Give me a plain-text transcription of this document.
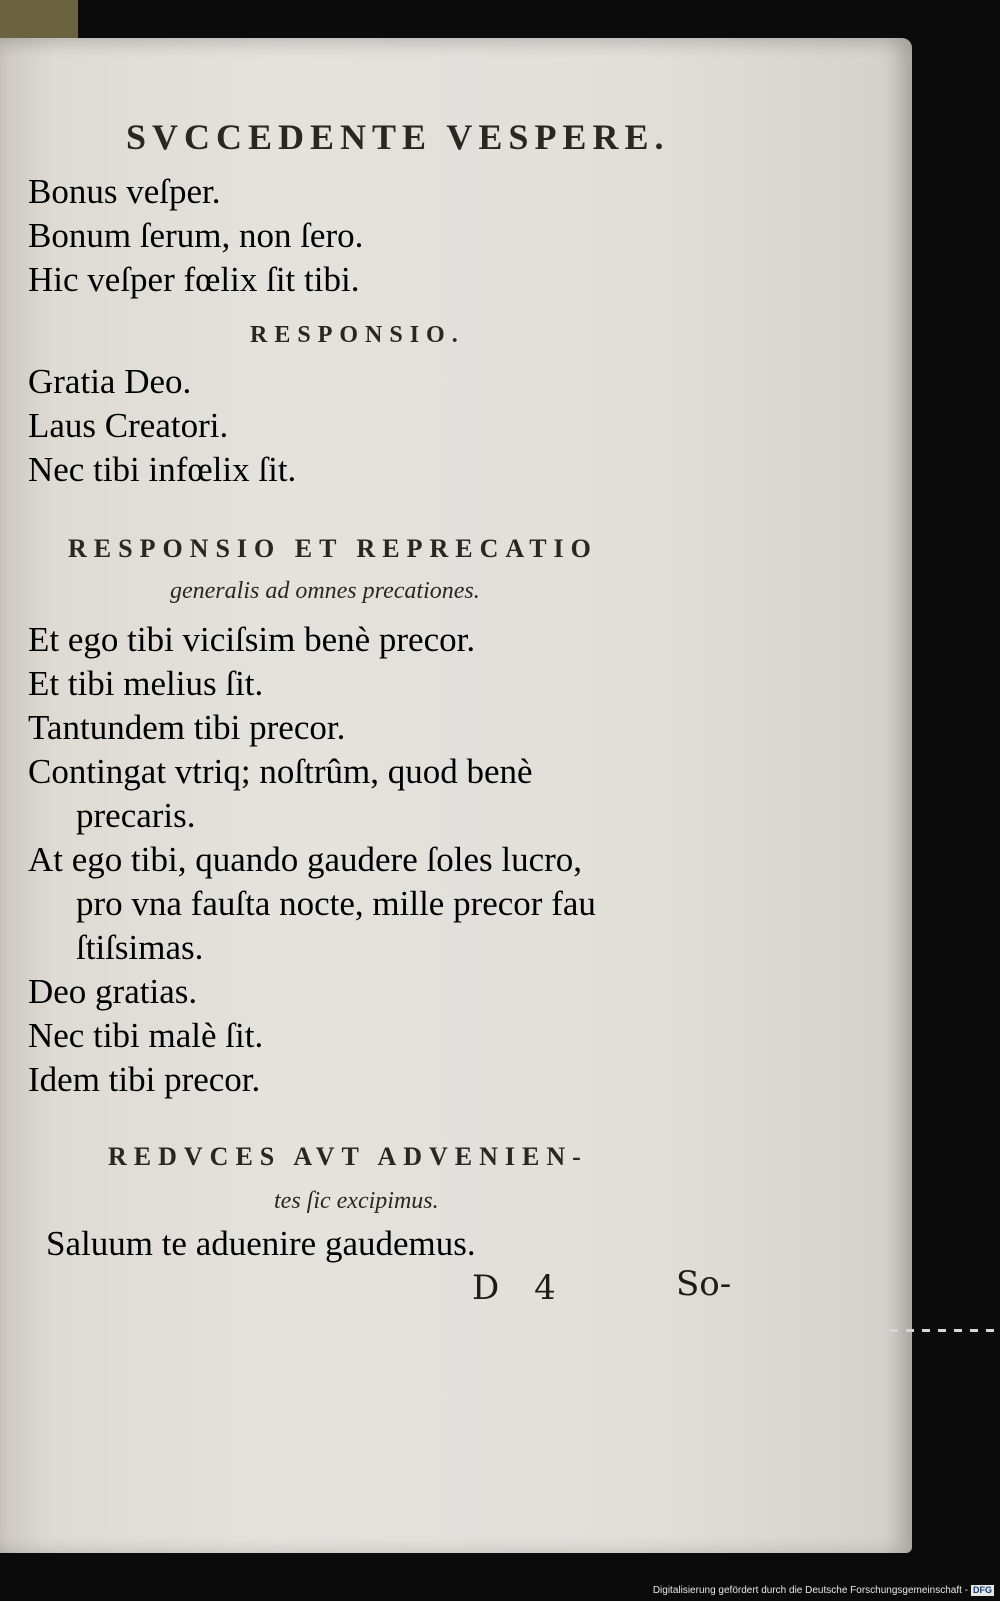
SVCCEDENTE VESPERE.
Bonus veſper.
Bonum ſerum, non ſero.
Hic veſper fœlix ſit tibi.
RESPONSIO.
Gratia Deo.
Laus Creatori.
Nec tibi infœlix ſit.
RESPONSIO ET REPRECATIO
generalis ad omnes precationes.
Et ego tibi viciſsim benè precor.
Et tibi melius ſit.
Tantundem tibi precor.
Contingat vtriq; noſtrûm, quod benè
precaris.
At ego tibi, quando gaudere ſoles lucro,
pro vna fauſta nocte, mille precor fau
ſtiſsimas.
Deo gratias.
Nec tibi malè ſit.
Idem tibi precor.
REDVCES AVT ADVENIEN-
tes ſic excipimus.
Saluum te aduenire gaudemus.
D 4	So-
Digitalisierung gefördert durch die Deutsche Forschungsgemeinschaft - DFG
